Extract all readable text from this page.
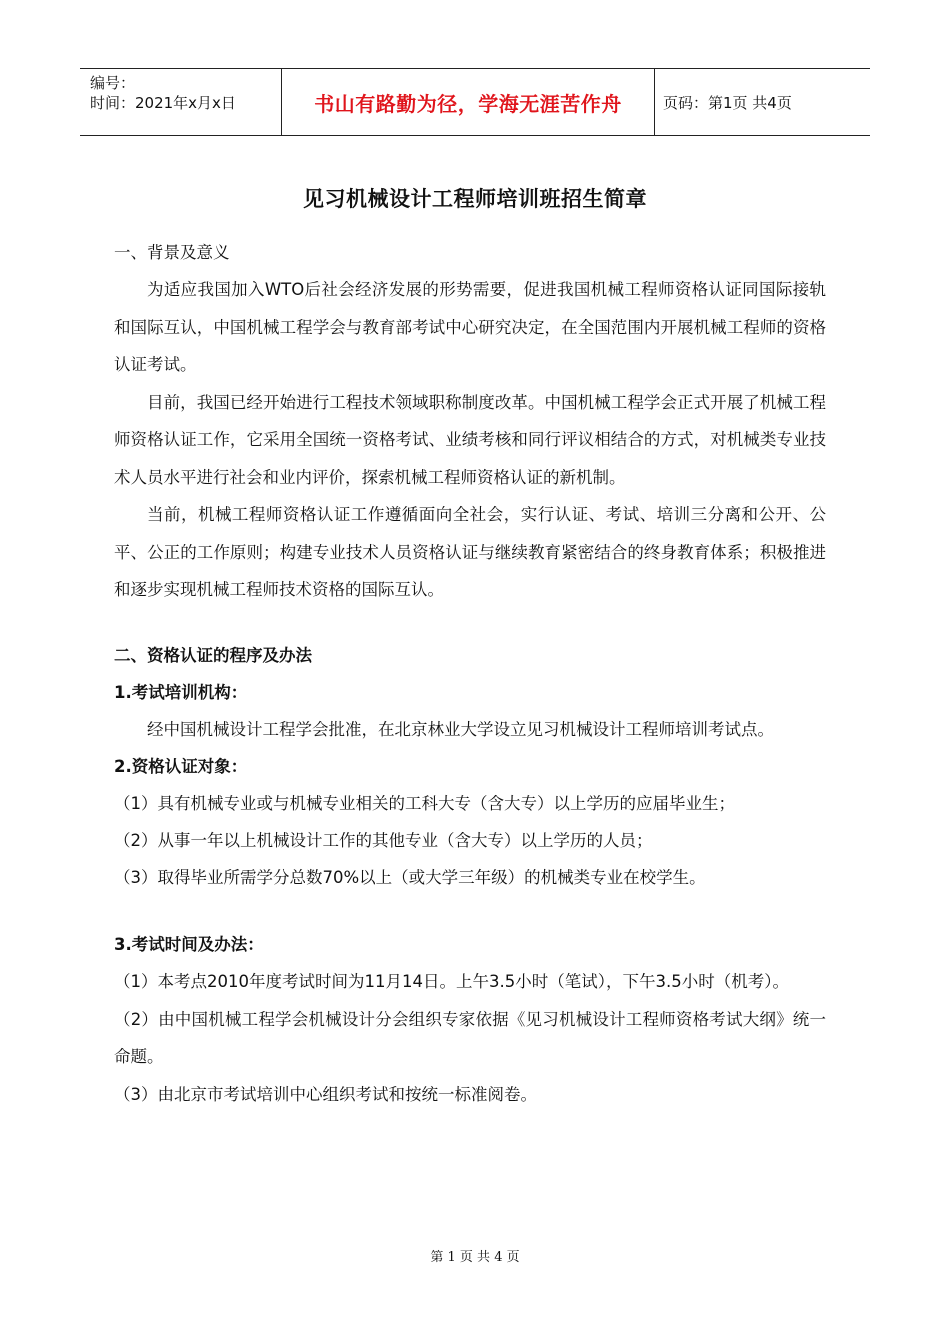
编号：
时间：2021年x月x日	书山有路勤为径，学海无涯苦作舟	页码：第1页 共4页
见习机械设计工程师培训班招生简章
一、背景及意义
为适应我国加入WTO后社会经济发展的形势需要，促进我国机械工程师资格认证同国际接轨和国际互认，中国机械工程学会与教育部考试中心研究决定，在全国范围内开展机械工程师的资格认证考试。
目前，我国已经开始进行工程技术领域职称制度改革。中国机械工程学会正式开展了机械工程师资格认证工作，它采用全国统一资格考试、业绩考核和同行评议相结合的方式，对机械类专业技术人员水平进行社会和业内评价，探索机械工程师资格认证的新机制。
当前，机械工程师资格认证工作遵循面向全社会，实行认证、考试、培训三分离和公开、公平、公正的工作原则；构建专业技术人员资格认证与继续教育紧密结合的终身教育体系；积极推进和逐步实现机械工程师技术资格的国际互认。
二、资格认证的程序及办法
1.考试培训机构：
经中国机械设计工程学会批准，在北京林业大学设立见习机械设计工程师培训考试点。
2.资格认证对象：
（1）具有机械专业或与机械专业相关的工科大专（含大专）以上学历的应届毕业生；
（2）从事一年以上机械设计工作的其他专业（含大专）以上学历的人员；
（3）取得毕业所需学分总数70%以上（或大学三年级）的机械类专业在校学生。
3.考试时间及办法：
（1）本考点2010年度考试时间为11月14日。上午3.5小时（笔试），下午3.5小时（机考）。
（2）由中国机械工程学会机械设计分会组织专家依据《见习机械设计工程师资格考试大纲》统一命题。
（3）由北京市考试培训中心组织考试和按统一标准阅卷。
第 1 页 共 4 页
